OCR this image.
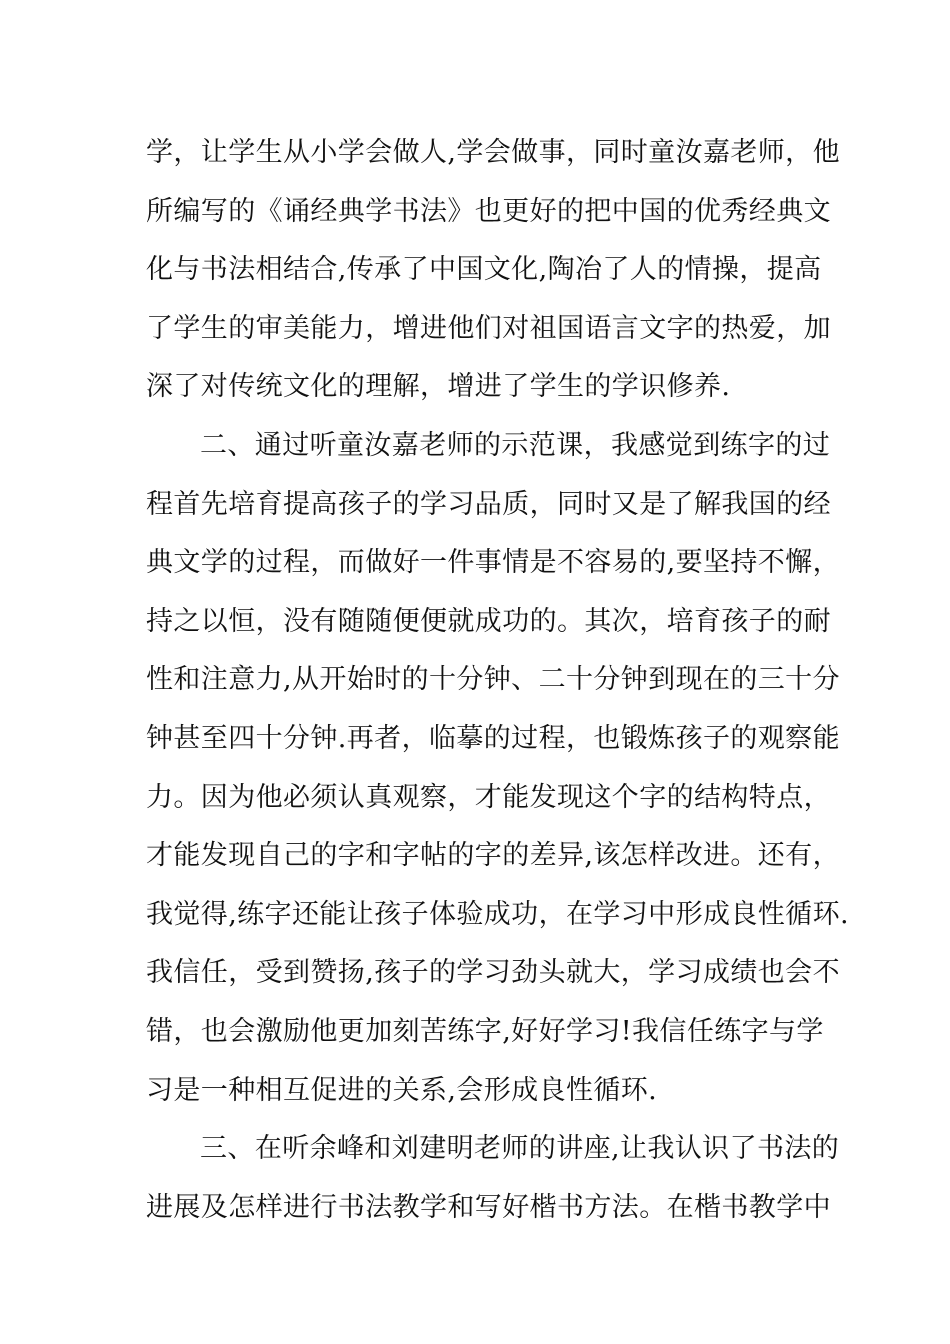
学，让学生从小学会做人,学会做事，同时童汝嘉老师，他
所编写的《诵经典学书法》也更好的把中国的优秀经典文
化与书法相结合,传承了中国文化,陶冶了人的情操，提高
了学生的审美能力，增进他们对祖国语言文字的热爱，加
深了对传统文化的理解，增进了学生的学识修养.
二、通过听童汝嘉老师的示范课，我感觉到练字的过
程首先培育提高孩子的学习品质，同时又是了解我国的经
典文学的过程，而做好一件事情是不容易的,要坚持不懈，
持之以恒，没有随随便便就成功的。其次，培育孩子的耐
性和注意力,从开始时的十分钟、二十分钟到现在的三十分
钟甚至四十分钟.再者，临摹的过程，也锻炼孩子的观察能
力。因为他必须认真观察，才能发现这个字的结构特点，
才能发现自己的字和字帖的字的差异,该怎样改进。还有，
我觉得,练字还能让孩子体验成功，在学习中形成良性循环.
我信任，受到赞扬,孩子的学习劲头就大，学习成绩也会不
错，也会激励他更加刻苦练字,好好学习!我信任练字与学
习是一种相互促进的关系,会形成良性循环.
三、在听余峰和刘建明老师的讲座,让我认识了书法的
进展及怎样进行书法教学和写好楷书方法。在楷书教学中
